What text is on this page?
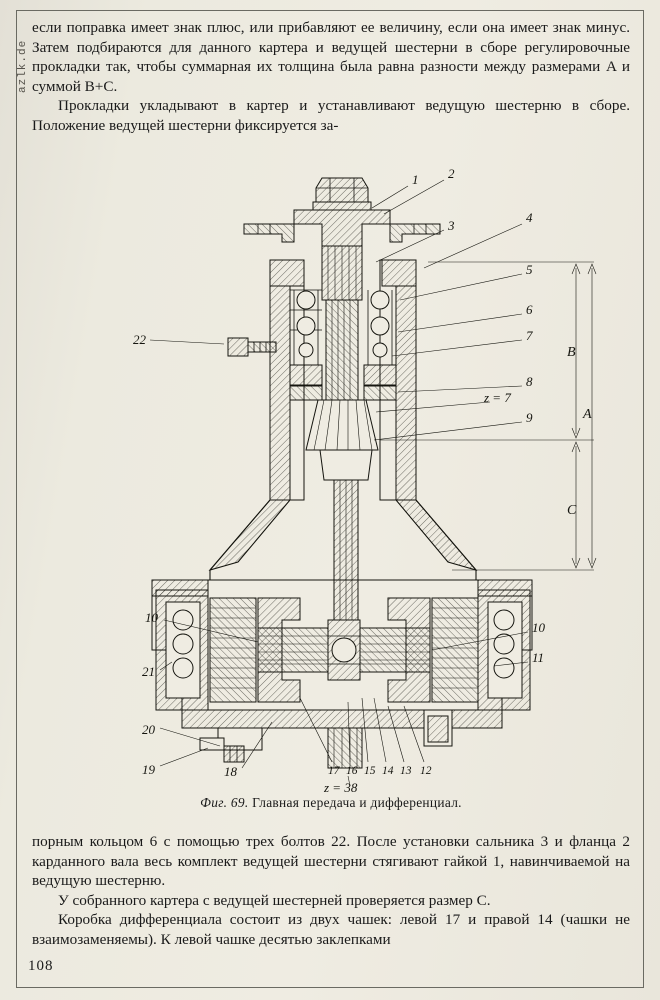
azlk.de

если поправка имеет знак плюс, или прибавляют ее величину, если она имеет знак минус. Затем подбираются для данного картера и ведущей шестерни в сборе регулировочные прокладки так, чтобы суммарная их толщина была равна разности между размерами A и суммой B+C.

Прокладки укладывают в картер и устанавливают ведущую шестерню в сборе. Положение ведущей шестерни фиксируется за-

1 2
3
4
5
6
7
8
9
10
10
11
12
13
14
15
16
17
18
19
20
21
22
z = 7
z = 38
B
A
C
Фиг. 69. Главная передача и дифференциал.

порным кольцом 6 с помощью трех болтов 22. После установки сальника 3 и фланца 2 карданного вала весь комплект ведущей шестерни стягивают гайкой 1, навинчиваемой на ведущую шестерню.

У собранного картера с ведущей шестерней проверяется размер C.

Коробка дифференциала состоит из двух чашек: левой 17 и правой 14 (чашки не взаимозаменяемы). К левой чашке десятью заклепками

108
